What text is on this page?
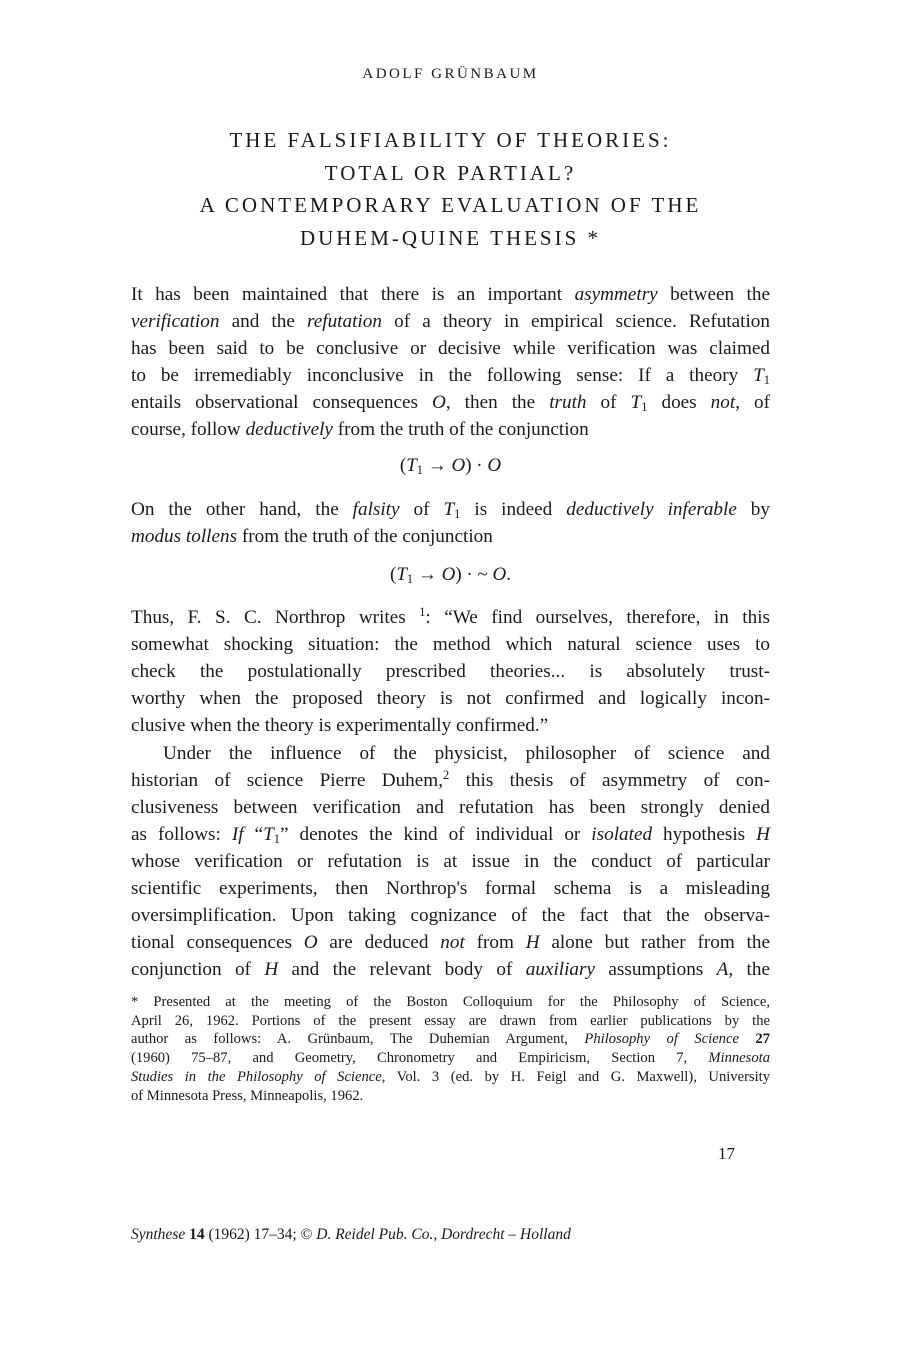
ADOLF GRÜNBAUM
THE FALSIFIABILITY OF THEORIES:
TOTAL OR PARTIAL?
A CONTEMPORARY EVALUATION OF THE
DUHEM-QUINE THESIS *
It has been maintained that there is an important asymmetry between the
verification and the refutation of a theory in empirical science. Refutation
has been said to be conclusive or decisive while verification was claimed
to be irremediably inconclusive in the following sense: If a theory $T_1$
entails observational consequences O, then the truth of $T_1$ does not, of
course, follow deductively from the truth of the conjunction
$(T_1 \to O) \cdot O$
On the other hand, the falsity of $T_1$ is indeed deductively inferable by
modus tollens from the truth of the conjunction
$(T_1 \to O)$ · ~ O.
Thus, F. S. C. Northrop writes $^1$: “We find ourselves, therefore, in this
somewhat shocking situation: the method which natural science uses to
check the postulationally prescribed theories... is absolutely trust-
worthy when the proposed theory is not confirmed and logically incon-
clusive when the theory is experimentally confirmed.”
Under the influence of the physicist, philosopher of science and
historian of science Pierre Duhem,$^2$ this thesis of asymmetry of con-
clusiveness between verification and refutation has been strongly denied
as follows: If “$T_1$” denotes the kind of individual or isolated hypothesis H
whose verification or refutation is at issue in the conduct of particular
scientific experiments, then Northrop's formal schema is a misleading
oversimplification. Upon taking cognizance of the fact that the observa-
tional consequences O are deduced not from H alone but rather from the
conjunction of H and the relevant body of auxiliary assumptions A, the
* Presented at the meeting of the Boston Colloquium for the Philosophy of Science,
April 26, 1962. Portions of the present essay are drawn from earlier publications by the
author as follows: A. Grünbaum, The Duhemian Argument, Philosophy of Science 27
(1960) 75–87, and Geometry, Chronometry and Empiricism, Section 7, Minnesota
Studies in the Philosophy of Science, Vol. 3 (ed. by H. Feigl and G. Maxwell), University
of Minnesota Press, Minneapolis, 1962.
17
Synthese 14 (1962) 17–34; © D. Reidel Pub. Co., Dordrecht – Holland
